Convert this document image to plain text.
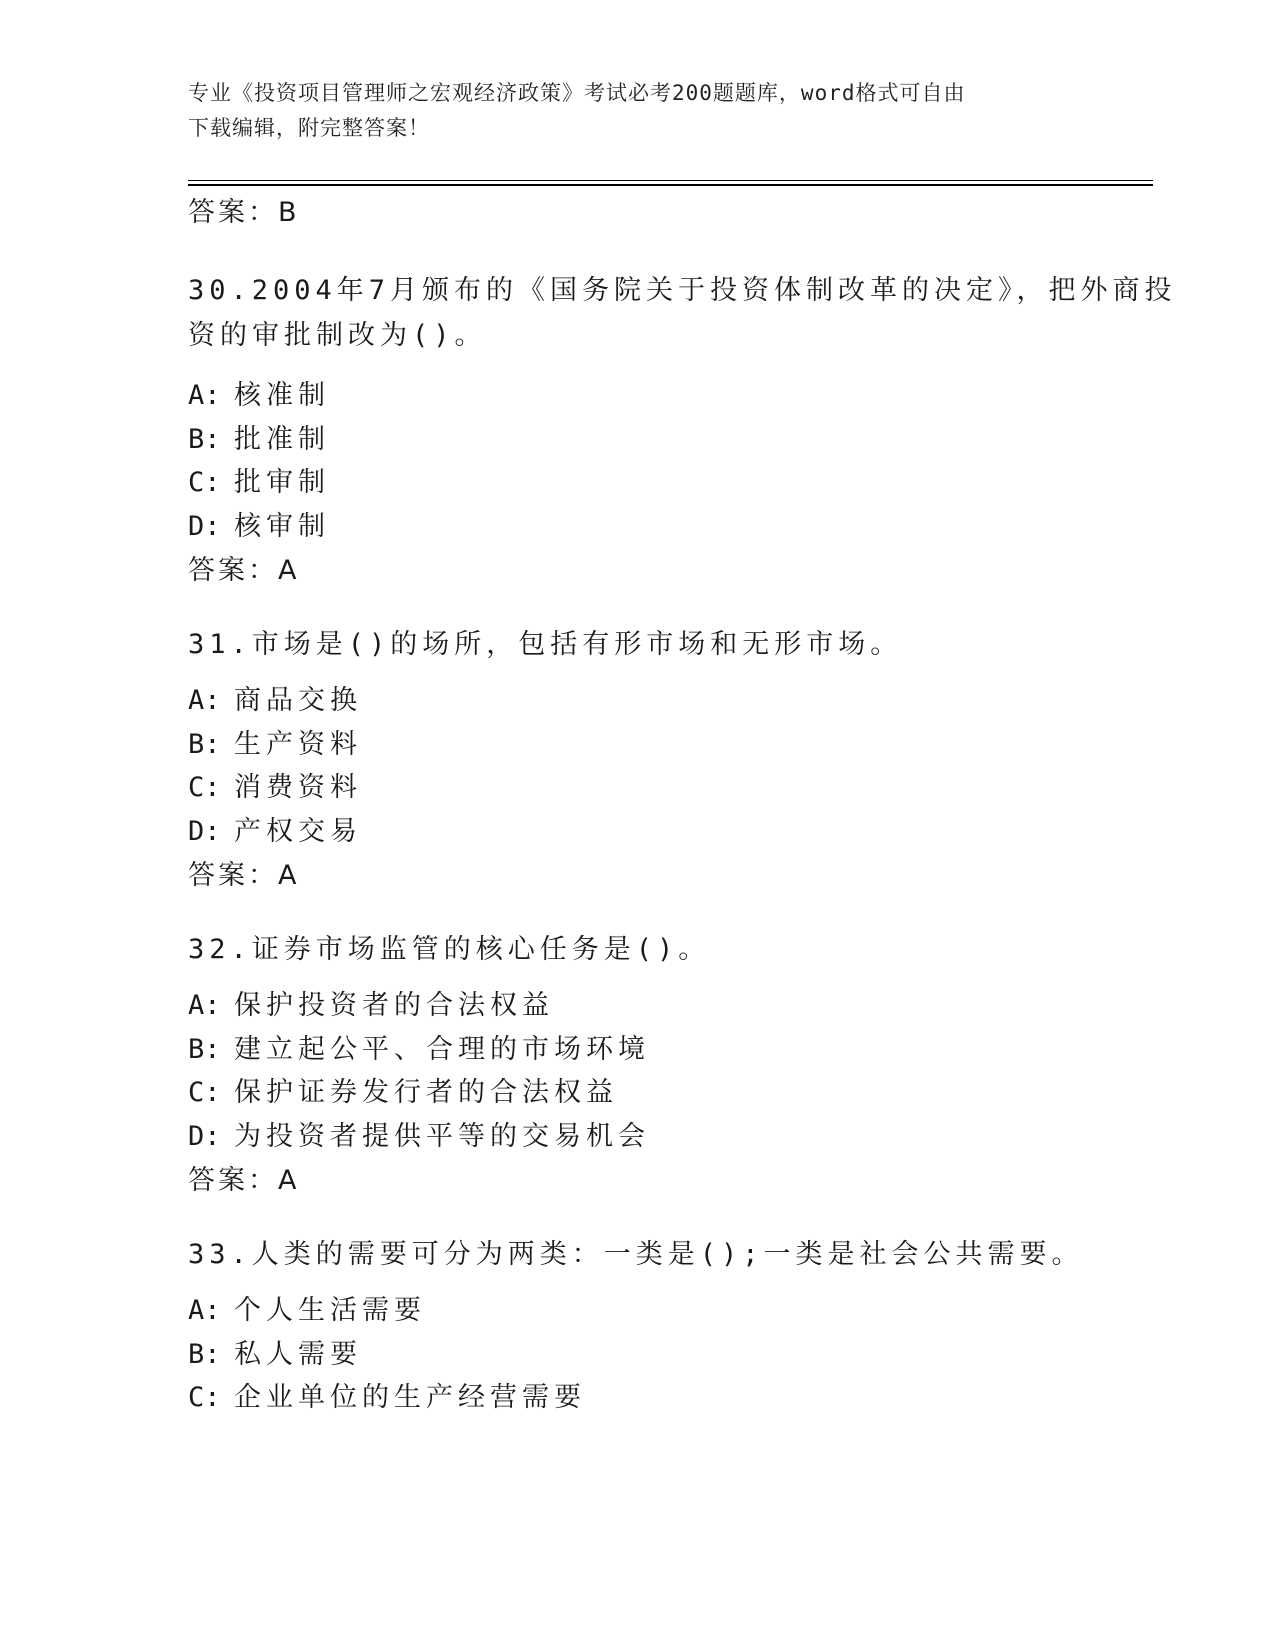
专业《投资项目管理师之宏观经济政策》考试必考200题题库，word格式可自由
下载编辑，附完整答案！
答案：B
30.2004年7月颁布的《国务院关于投资体制改革的决定》，把外商投
资的审批制改为()。
A: 核准制
B: 批准制
C: 批审制
D: 核审制
答案：A
31.市场是()的场所，包括有形市场和无形市场。
A: 商品交换
B: 生产资料
C: 消费资料
D: 产权交易
答案：A
32.证券市场监管的核心任务是()。
A: 保护投资者的合法权益
B: 建立起公平、合理的市场环境
C: 保护证券发行者的合法权益
D: 为投资者提供平等的交易机会
答案：A
33.人类的需要可分为两类：一类是();一类是社会公共需要。
A: 个人生活需要
B: 私人需要
C: 企业单位的生产经营需要
